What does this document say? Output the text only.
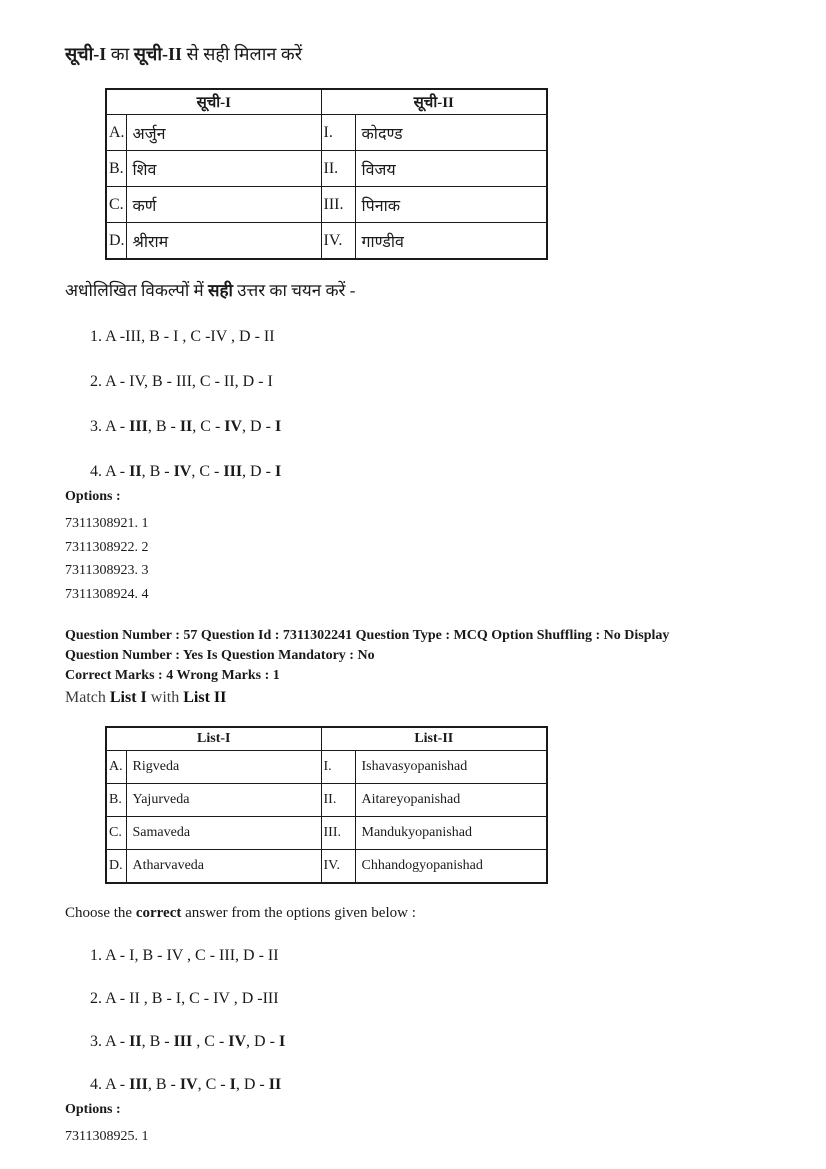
सूची-I का सूची-II से सही मिलान करें
सूची-I		सूची-II	
A.	अर्जुन	I.	कोदण्ड
B.	शिव	II.	विजय
C.	कर्ण	III.	पिनाक
D.	श्रीराम	IV.	गाण्डीव
अधोलिखित विकल्पों में सही उत्तर का चयन करें -
1. A -III, B - I , C -IV , D - II
2. A - IV, B - III, C - II, D - I
3. A - III, B - II, C - IV, D - I
4. A - II, B - IV, C - III, D - I
Options :
7311308921. 1
7311308922. 2
7311308923. 3
7311308924. 4
Question Number : 57 Question Id : 7311302241 Question Type : MCQ Option Shuffling : No Display
Question Number : Yes Is Question Mandatory : No
Correct Marks : 4 Wrong Marks : 1
Match List I with List II
List-I		List-II	
A.	Rigveda	I.	Ishavasyopanishad
B.	Yajurveda	II.	Aitareyopanishad
C.	Samaveda	III.	Mandukyopanishad
D.	Atharvaveda	IV.	Chhandogyopanishad
Choose the correct answer from the options given below :
1. A - I, B - IV , C - III, D - II
2. A - II , B - I, C - IV , D -III
3. A - II, B - III , C - IV, D - I
4. A - III, B - IV, C - I, D - II
Options :
7311308925. 1
